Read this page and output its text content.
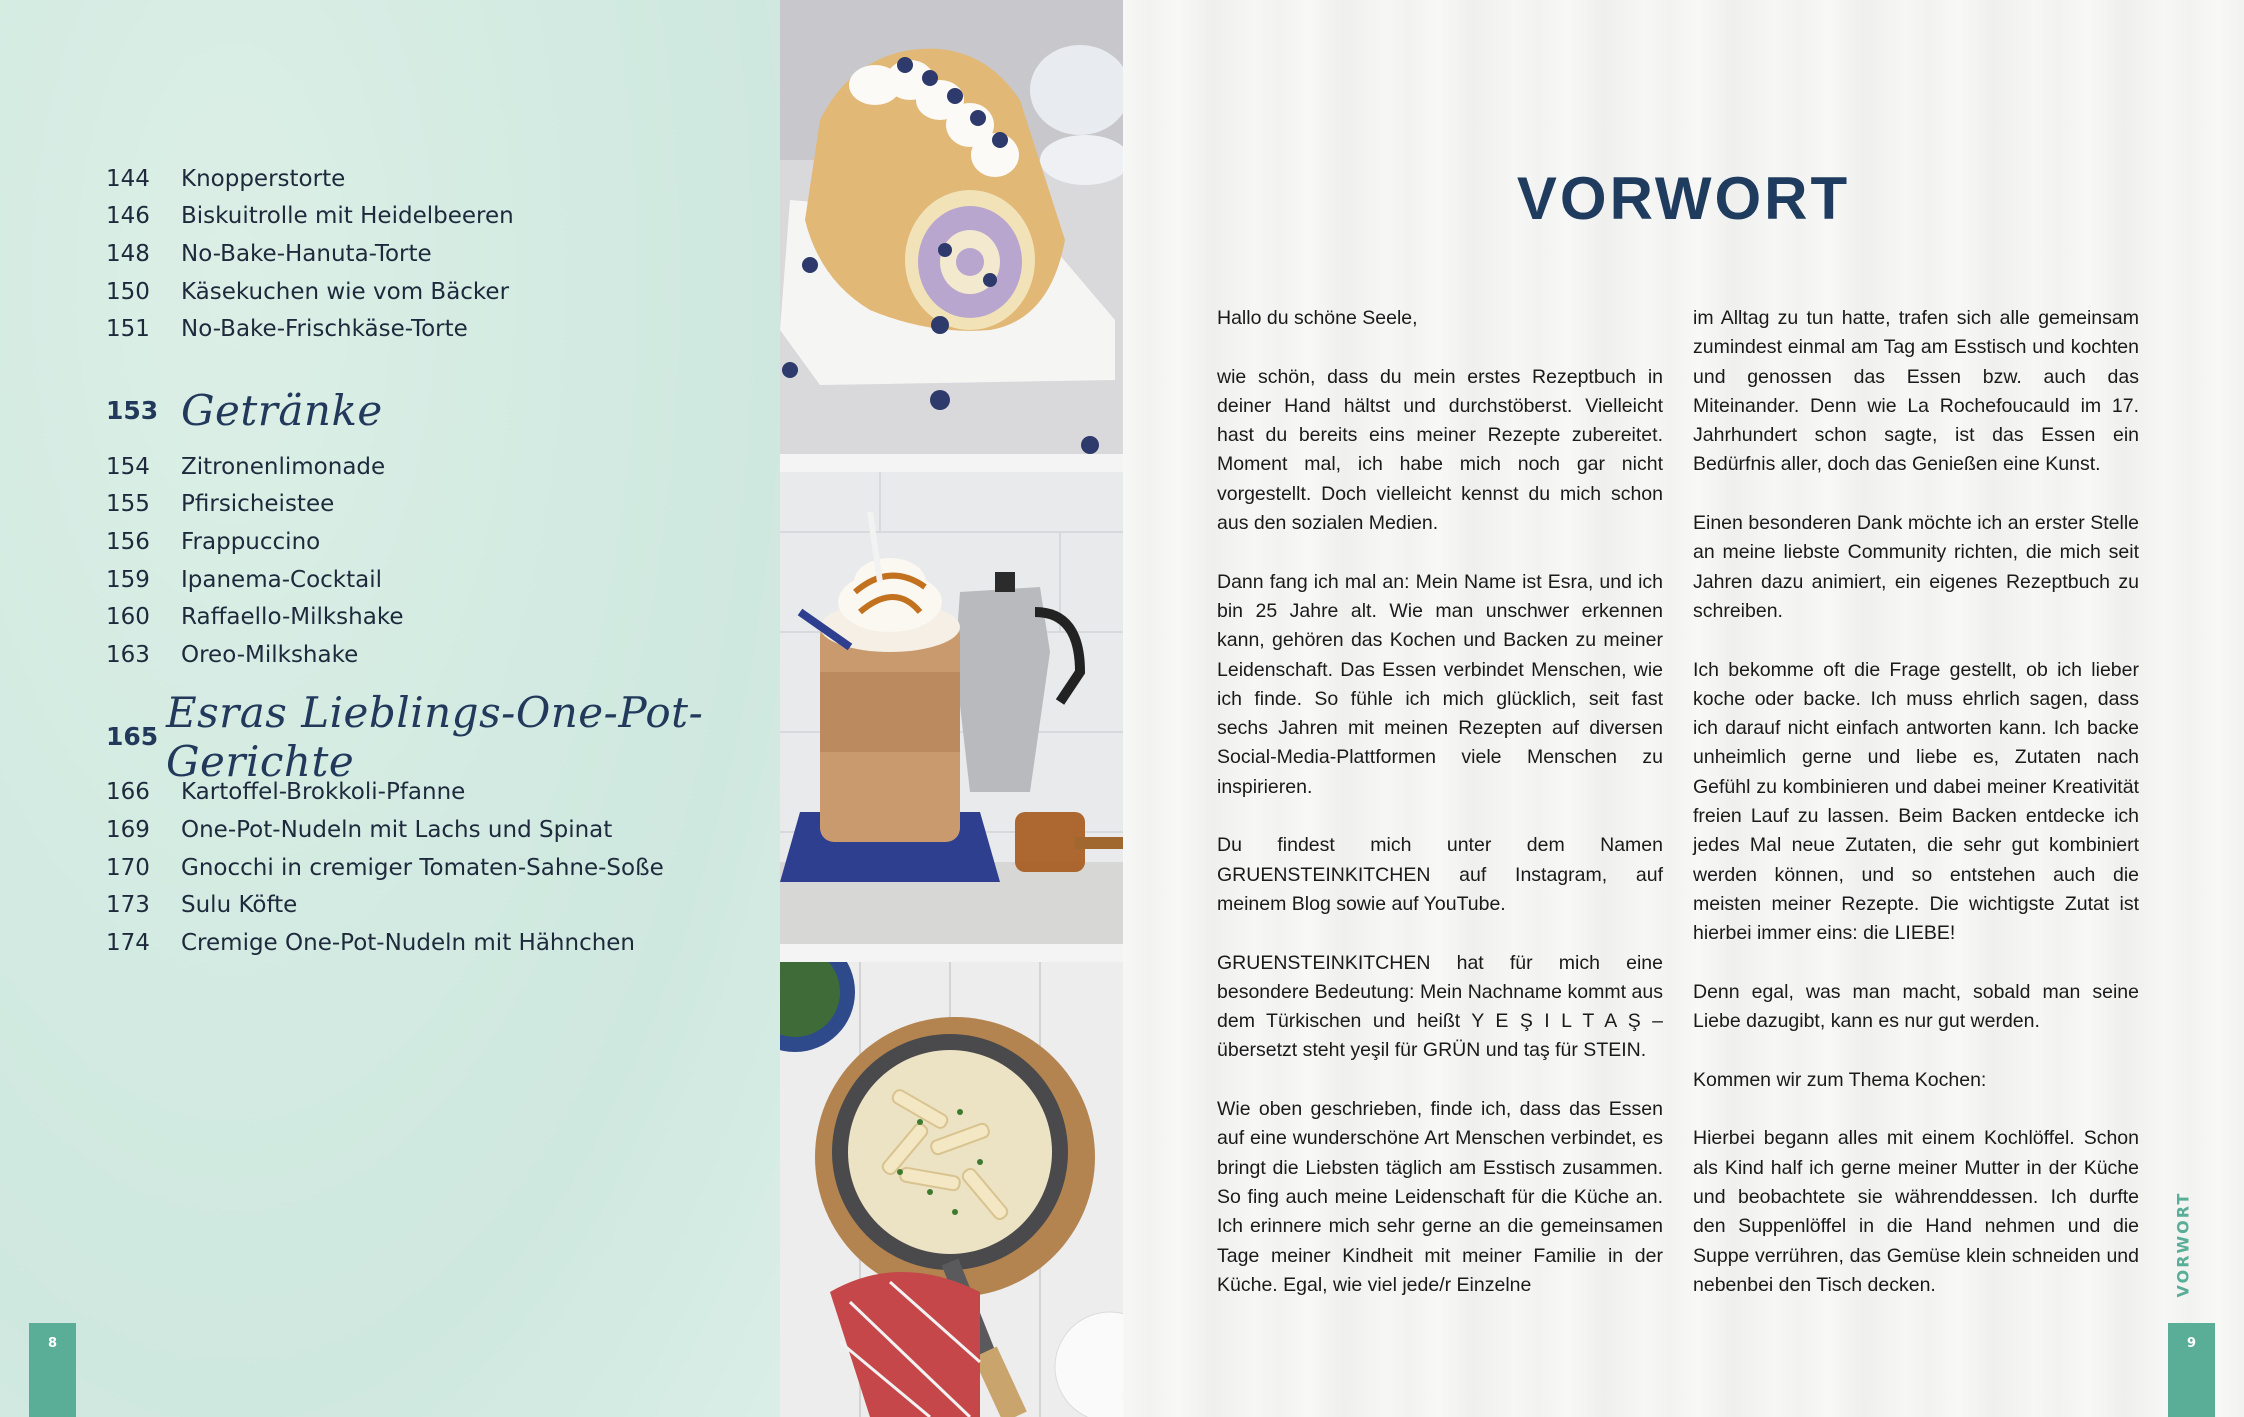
144	Knopperstorte
146	Biskuitrolle mit Heidelbeeren
148	No-Bake-Hanuta-Torte
150	Käsekuchen wie vom Bäcker
151	No-Bake-Frischkäse-Torte
153 Getränke
154	Zitronenlimonade
155	Pfirsicheistee
156	Frappuccino
159	Ipanema-Cocktail
160	Raffaello-Milkshake
163	Oreo-Milkshake
165 Esras Lieblings-One-Pot-Gerichte
166	Kartoffel-Brokkoli-Pfanne
169	One-Pot-Nudeln mit Lachs und Spinat
170	Gnocchi in cremiger Tomaten-Sahne-Soße
173	Sulu Köfte
174	Cremige One-Pot-Nudeln mit Hähnchen
8
VORWORT

Hallo du schöne Seele,

wie schön, dass du mein erstes Rezeptbuch in deiner Hand hältst und durchstöberst. Vielleicht hast du bereits eins meiner Rezepte zubereitet. Moment mal, ich habe mich noch gar nicht vorgestellt. Doch vielleicht kennst du mich schon aus den sozialen Medien.

Dann fang ich mal an: Mein Name ist Esra, und ich bin 25 Jahre alt. Wie man unschwer erkennen kann, gehören das Kochen und Backen zu meiner Leidenschaft. Das Essen verbindet Menschen, wie ich finde. So fühle ich mich glücklich, seit fast sechs Jahren mit meinen Rezepten auf diversen Social-Media-Plattformen viele Menschen zu inspirieren.

Du findest mich unter dem Namen GRUENSTEINKITCHEN auf Instagram, auf meinem Blog sowie auf YouTube.

GRUENSTEINKITCHEN hat für mich eine besondere Bedeutung: Mein Nachname kommt aus dem Türkischen und heißt Y E Ş I L T A Ş – übersetzt steht yeşil für GRÜN und taş für STEIN.

Wie oben geschrieben, finde ich, dass das Essen auf eine wunderschöne Art Menschen verbindet, es bringt die Liebsten täglich am Esstisch zusammen. So fing auch meine Leidenschaft für die Küche an. Ich erinnere mich sehr gerne an die gemeinsamen Tage meiner Kindheit mit meiner Familie in der Küche. Egal, wie viel jede/r Einzelne

im Alltag zu tun hatte, trafen sich alle gemeinsam zumindest einmal am Tag am Esstisch und kochten und genossen das Essen bzw. auch das Miteinander. Denn wie La Rochefoucauld im 17. Jahrhundert schon sagte, ist das Essen ein Bedürfnis aller, doch das Genießen eine Kunst.

Einen besonderen Dank möchte ich an erster Stelle an meine liebste Community richten, die mich seit Jahren dazu animiert, ein eigenes Rezeptbuch zu schreiben.

Ich bekomme oft die Frage gestellt, ob ich lieber koche oder backe. Ich muss ehrlich sagen, dass ich darauf nicht einfach antworten kann. Ich backe unheimlich gerne und liebe es, Zutaten nach Gefühl zu kombinieren und dabei meiner Kreativität freien Lauf zu lassen. Beim Backen entdecke ich jedes Mal neue Zutaten, die sehr gut kombiniert werden können, und so entstehen auch die meisten meiner Rezepte. Die wichtigste Zutat ist hierbei immer eins: die LIEBE!

Denn egal, was man macht, sobald man seine Liebe dazugibt, kann es nur gut werden.

Kommen wir zum Thema Kochen:

Hierbei begann alles mit einem Kochlöffel. Schon als Kind half ich gerne meiner Mutter in der Küche und beobachtete sie währenddessen. Ich durfte den Suppenlöffel in die Hand nehmen und die Suppe verrühren, das Gemüse klein schneiden und nebenbei den Tisch decken.	VORWORT
9
